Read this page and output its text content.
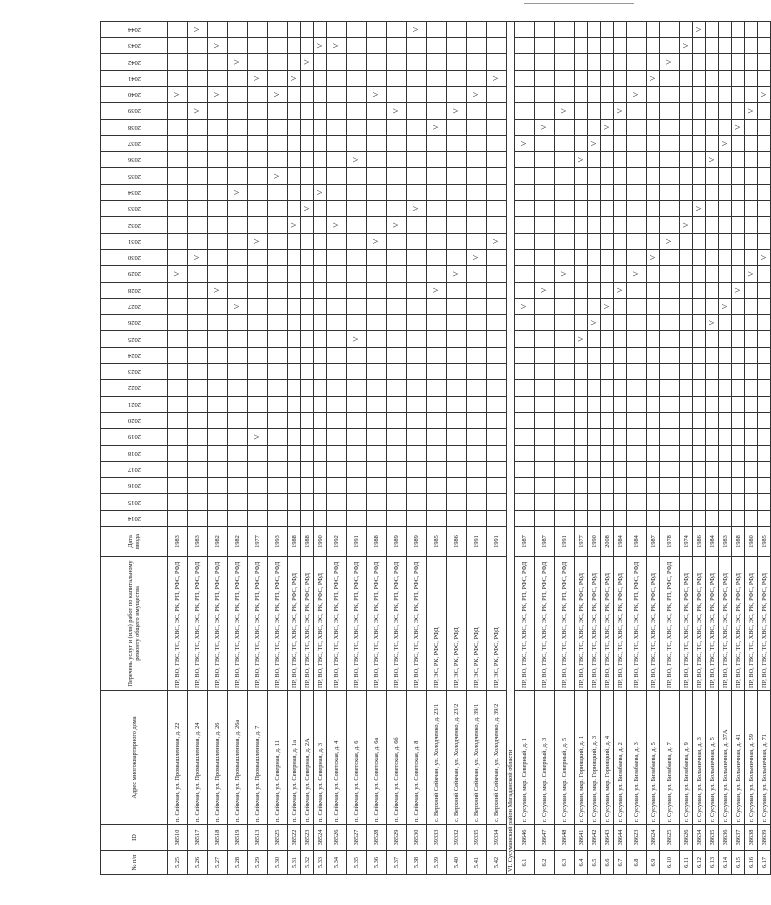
№ п/п	ID	Адрес многоквартирного дома	Перечень услуг и (или) работ по капитальному ремонту общего имущества	Дата ввода	2014	2015	2016	2017	2018	2019	2020	2021	2022	2023	2024	2025	2026	2027	2028	2029	2030	2031	2032	2033	2034	2035	2036	2037	2038	2039	2040	2041	2042	2043	2044
5.25	38510	п. Сейкчан, ул. Промышленная, д. 22	ПР, ВО, ГВС, ТС, ХВС, ЭС, РК, РП, РФС, РФД	1983																˅											˅				
5.26	38517	п. Сейкчан, ул. Промышленная, д. 24	ПР, ВО, ГВС, ТС, ХВС, ЭС, РК, РП, РФС, РФД	1983																	˅									˅					˅
5.27	38518	п. Сейкчан, ул. Промышленная, д. 26	ПР, ВО, ГВС, ТС, ХВС, ЭС, РК, РП, РФС, РФД	1982															˅												˅			˅	
5.28	38519	п. Сейкчан, ул. Промышленная, д. 26а	ПР, ВО, ГВС, ТС, ХВС, ЭС, РК, РП, РФС, РФД	1982														˅							˅								˅		
5.29	38513	п. Сейкчан, ул. Промышленная, д. 7	ПР, ВО, ГВС, ТС, ХВС, ЭС, РК, РП, РФС, РФД	1977						˅												˅										˅			
5.30	38525	п. Сейкчан, ул. Северная, д. 11	ПР, ВО, ГВС, ТС, ХВС, ЭС, РК, РП, РФС, РФД	1993																						˅					˅				
5.31	38522	п. Сейкчан, ул. Северная, д. 1а	ПР, ВО, ГВС, ТС, ХВС, ЭС, РК, РФС, РФД	1988																			˅									˅			
5.32	38523	п. Сейкчан, ул. Северная, д. 2А	ПР, ВО, ГВС, ТС, ХВС, ЭС, РК, РФС, РФД	1988																				˅									˅		
5.33	38524	п. Сейкчан, ул. Северная, д. 3	ПР, ВО, ГВС, ТС, ХВС, ЭС, РК, РФС, РФД	1990																					˅									˅	
5.34	38526	п. Сейкчан, ул. Советская, д. 4	ПР, ВО, ГВС, ТС, ХВС, ЭС, РК, РП, РФС, РФД	1992																			˅											˅	
5.35	38527	п. Сейкчан, ул. Советская, д. 6	ПР, ВО, ГВС, ТС, ХВС, ЭС, РК, РП, РФС, РФД	1991												˅											˅								
5.36	38528	п. Сейкчан, ул. Советская, д. 6а	ПР, ВО, ГВС, ТС, ХВС, ЭС, РК, РП, РФС, РФД	1988																		˅									˅				
5.37	38529	п. Сейкчан, ул. Советская, д. 6б	ПР, ВО, ГВС, ТС, ХВС, ЭС, РК, РП, РФС, РФД	1989																			˅							˅					
5.38	38530	п. Сейкчан, ул. Советская, д. 8	ПР, ВО, ГВС, ТС, ХВС, ЭС, РК, РП, РФС, РФД	1989																				˅											˅
5.39	39333	с. Верхний Сейкчан, ул. Холодченко, д. 23/1	ПР, ЭС, РК, РФС, РФД	1985															˅										˅						
5.40	39332	с. Верхний Сейкчан, ул. Холодченко, д. 23/2	ПР, ЭС, РК, РФС, РФД	1986																˅										˅					
5.41	39335	с. Верхний Сейкчан, ул. Холодченко, д. 39/1	ПР, ЭС, РК, РФС, РФД	1991																	˅										˅				
5.42	39334	с. Верхний Сейкчан, ул. Холодченко, д. 39/2	ПР, ЭС, РК, РФС, РФД	1991																		˅										˅			
VI. Сусуманский район Магаданской области																																			
6.1	38646	г. Сусуман, мкр. Северный, д. 1	ПР, ВО, ГВС, ТС, ХВС, ЭС, РК, РП, РФС, РФД	1987														˅										˅							
6.2	38647	г. Сусуман, мкр. Северный, д. 3	ПР, ВО, ГВС, ТС, ХВС, ЭС, РК, РП, РФС, РФД	1987															˅										˅						
6.3	38648	г. Сусуман, мкр. Северный, д. 5	ПР, ВО, ГВС, ТС, ХВС, ЭС, РК, РП, РФС, РФД	1991																˅										˅					
6.4	38641	г. Сусуман, мкр. Горняцкий, д. 1	ПР, ВО, ГВС, ТС, ХВС, ЭС, РК, РФС, РФД	1977												˅											˅								
6.5	38642	г. Сусуман, мкр. Горняцкий, д. 3	ПР, ВО, ГВС, ТС, ХВС, ЭС, РК, РФС, РФД	1990													˅											˅							
6.6	38643	г. Сусуман, мкр. Горняцкий, д. 4	ПР, ВО, ГВС, ТС, ХВС, ЭС, РК, РФС, РФД	2008														˅											˅						
6.7	38644	г. Сусуман, ул. Бизабаева, д. 2	ПР, ВО, ГВС, ТС, ХВС, ЭС, РК, РФС, РФД	1984															˅											˅					
6.8	38623	г. Сусуман, ул. Бизабаева, д. 3	ПР, ВО, ГВС, ТС, ХВС, ЭС, РК, РП, РФС, РФД	1984																˅											˅				
6.9	38624	г. Сусуман, ул. Бизабаева, д. 5	ПР, ВО, ГВС, ТС, ХВС, ЭС, РК, РФС, РФД	1987																	˅											˅			
6.10	38625	г. Сусуман, ул. Бизабаева, д. 7	ПР, ВО, ГВС, ТС, ХВС, ЭС, РК, РП, РФС, РФД	1978																		˅											˅		
6.11	38626	г. Сусуман, ул. Бизабаева, д. 9	ПР, ВО, ГВС, ТС, ХВС, ЭС, РК, РФС, РФД	1974																			˅											˅	
6.12	38634	г. Сусуман, ул. Больничная, д. 3	ПР, ВО, ГВС, ТС, ХВС, ЭС, РК, РФС, РФД	1986																				˅											˅
6.13	38635	г. Сусуман, ул. Больничная, д. 5	ПР, ВО, ГВС, ТС, ХВС, ЭС, РК, РФС, РФД	1984													˅										˅								
6.14	38636	г. Сусуман, ул. Больничная, д. 37А	ПР, ВО, ГВС, ТС, ХВС, ЭС, РК, РФС, РФД	1983														˅										˅							
6.15	38637	г. Сусуман, ул. Больничная, д. 41	ПР, ВО, ГВС, ТС, ХВС, ЭС, РК, РФС, РФД	1988															˅										˅						
6.16	38638	г. Сусуман, ул. Больничная, д. 59	ПР, ВО, ГВС, ТС, ХВС, ЭС, РК, РФС, РФД	1980																˅										˅					
6.17	38639	г. Сусуман, ул. Больничная, д. 71	ПР, ВО, ГВС, ТС, ХВС, ЭС, РК, РФС, РФД	1985																	˅										˅				
